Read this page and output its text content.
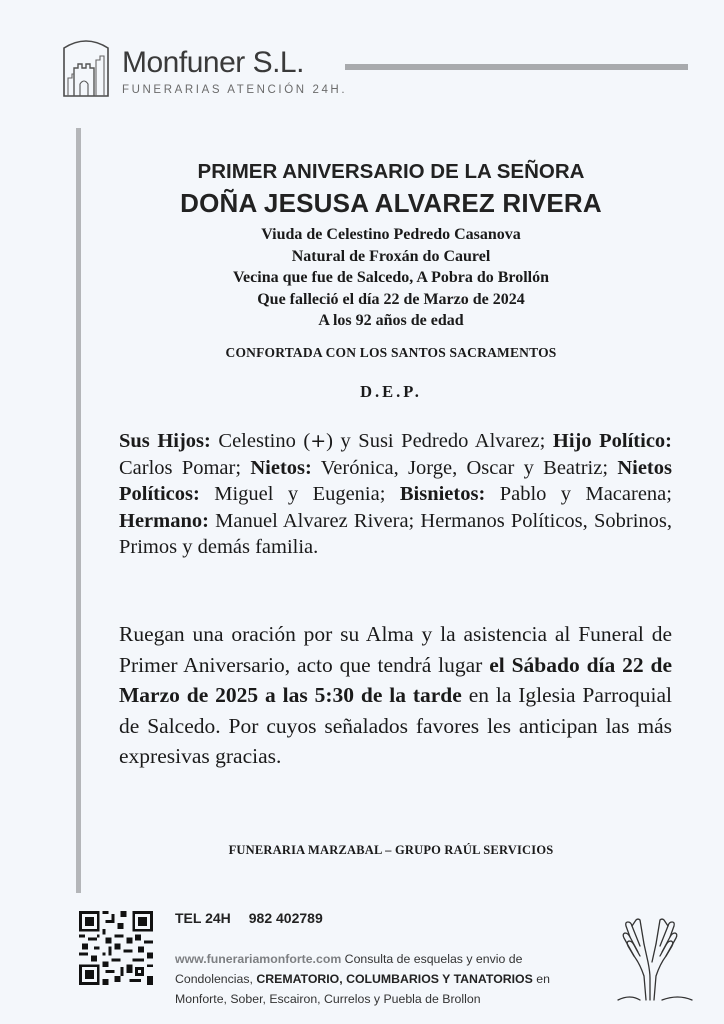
Monfuner S.L.
FUNERARIAS ATENCIÓN 24H.
PRIMER ANIVERSARIO DE LA SEÑORA
DOÑA JESUSA ALVAREZ RIVERA
Viuda de Celestino Pedredo Casanova
Natural de Froxán do Caurel
Vecina que fue de Salcedo, A Pobra do Brollón
Que falleció el día 22 de Marzo de 2024
A los 92 años de edad
CONFORTADA CON LOS SANTOS SACRAMENTOS
D.E.P.
Sus Hijos: Celestino (+) y Susi Pedredo Alvarez; Hijo Político: Carlos Pomar; Nietos: Verónica, Jorge, Oscar y Beatriz; Nietos Políticos: Miguel y Eugenia; Bisnietos: Pablo y Macarena; Hermano: Manuel Alvarez Rivera; Hermanos Políticos, Sobrinos, Primos y demás familia.
Ruegan una oración por su Alma y la asistencia al Funeral de Primer Aniversario, acto que tendrá lugar el Sábado día 22 de Marzo de 2025 a las 5:30 de la tarde en la Iglesia Parroquial de Salcedo. Por cuyos señalados favores les anticipan las más expresivas gracias.
FUNERARIA MARZABAL – GRUPO RAÚL SERVICIOS
TEL 24H 982 402789
www.funerariamonforte.com Consulta de esquelas y envio de Condolencias, CREMATORIO, COLUMBARIOS Y TANATORIOS en Monforte, Sober, Escairon, Currelos y Puebla de Brollon
